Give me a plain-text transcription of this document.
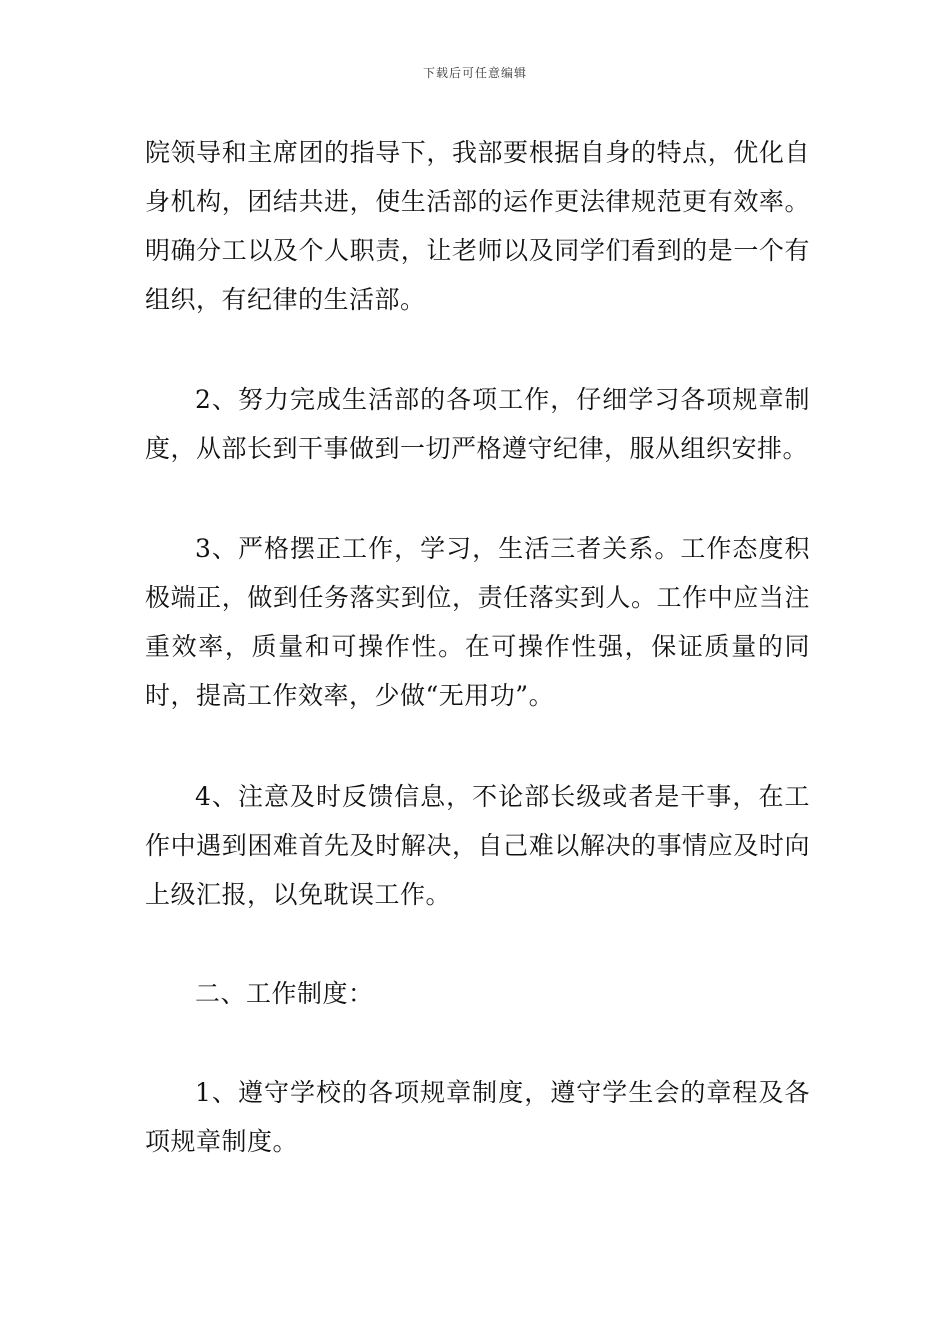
下载后可任意编辑

院领导和主席团的指导下，我部要根据自身的特点，优化自身机构，团结共进，使生活部的运作更法律规范更有效率。明确分工以及个人职责，让老师以及同学们看到的是一个有组织，有纪律的生活部。

2、努力完成生活部的各项工作，仔细学习各项规章制度，从部长到干事做到一切严格遵守纪律，服从组织安排。

3、严格摆正工作，学习，生活三者关系。工作态度积极端正，做到任务落实到位，责任落实到人。工作中应当注重效率，质量和可操作性。在可操作性强，保证质量的同时，提高工作效率，少做“无用功”。

4、注意及时反馈信息，不论部长级或者是干事，在工作中遇到困难首先及时解决，自己难以解决的事情应及时向上级汇报，以免耽误工作。

二、工作制度：

1、遵守学校的各项规章制度，遵守学生会的章程及各项规章制度。
